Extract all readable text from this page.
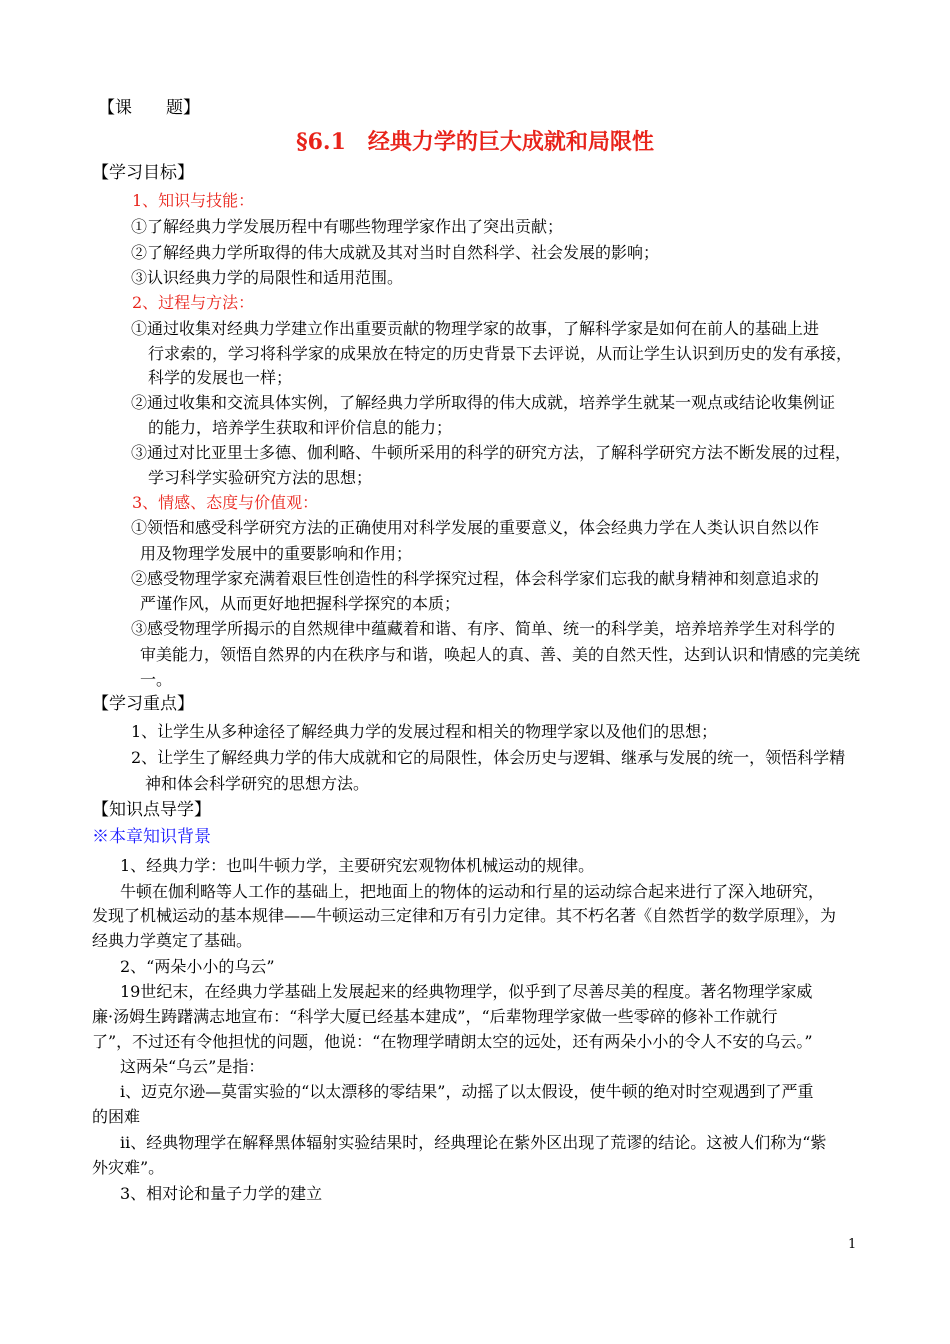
【课　　题】
§6.1　经典力学的巨大成就和局限性
【学习目标】
1、知识与技能：
①了解经典力学发展历程中有哪些物理学家作出了突出贡献；
②了解经典力学所取得的伟大成就及其对当时自然科学、社会发展的影响；
③认识经典力学的局限性和适用范围。
2、过程与方法：
①通过收集对经典力学建立作出重要贡献的物理学家的故事，了解科学家是如何在前人的基础上进
行求索的，学习将科学家的成果放在特定的历史背景下去评说，从而让学生认识到历史的发有承接，
科学的发展也一样；
②通过收集和交流具体实例，了解经典力学所取得的伟大成就，培养学生就某一观点或结论收集例证
的能力，培养学生获取和评价信息的能力；
③通过对比亚里士多德、伽利略、牛顿所采用的科学的研究方法，了解科学研究方法不断发展的过程，
学习科学实验研究方法的思想；
3、情感、态度与价值观：
①领悟和感受科学研究方法的正确使用对科学发展的重要意义，体会经典力学在人类认识自然以作
用及物理学发展中的重要影响和作用；
②感受物理学家充满着艰巨性创造性的科学探究过程，体会科学家们忘我的献身精神和刻意追求的
严谨作风，从而更好地把握科学探究的本质；
③感受物理学所揭示的自然规律中蕴藏着和谐、有序、简单、统一的科学美，培养培养学生对科学的
审美能力，领悟自然界的内在秩序与和谐，唤起人的真、善、美的自然天性，达到认识和情感的完美统
一。
【学习重点】
1、让学生从多种途径了解经典力学的发展过程和相关的物理学家以及他们的思想；
2、让学生了解经典力学的伟大成就和它的局限性，体会历史与逻辑、继承与发展的统一，领悟科学精
神和体会科学研究的思想方法。
【知识点导学】
※本章知识背景
1、经典力学：也叫牛顿力学，主要研究宏观物体机械运动的规律。
牛顿在伽利略等人工作的基础上，把地面上的物体的运动和行星的运动综合起来进行了深入地研究，
发现了机械运动的基本规律——牛顿运动三定律和万有引力定律。其不朽名著《自然哲学的数学原理》，为
经典力学奠定了基础。
2、“两朵小小的乌云”
19世纪末，在经典力学基础上发展起来的经典物理学，似乎到了尽善尽美的程度。著名物理学家威
廉·汤姆生踌躇满志地宣布：“科学大厦已经基本建成”，“后辈物理学家做一些零碎的修补工作就行
了”，不过还有令他担忧的问题，他说：“在物理学晴朗太空的远处，还有两朵小小的令人不安的乌云。”
这两朵“乌云”是指：
ⅰ、迈克尔逊—莫雷实验的“以太漂移的零结果”，动摇了以太假设，使牛顿的绝对时空观遇到了严重
的困难
ⅱ、经典物理学在解释黑体辐射实验结果时，经典理论在紫外区出现了荒谬的结论。这被人们称为“紫
外灾难”。
3、相对论和量子力学的建立
1
